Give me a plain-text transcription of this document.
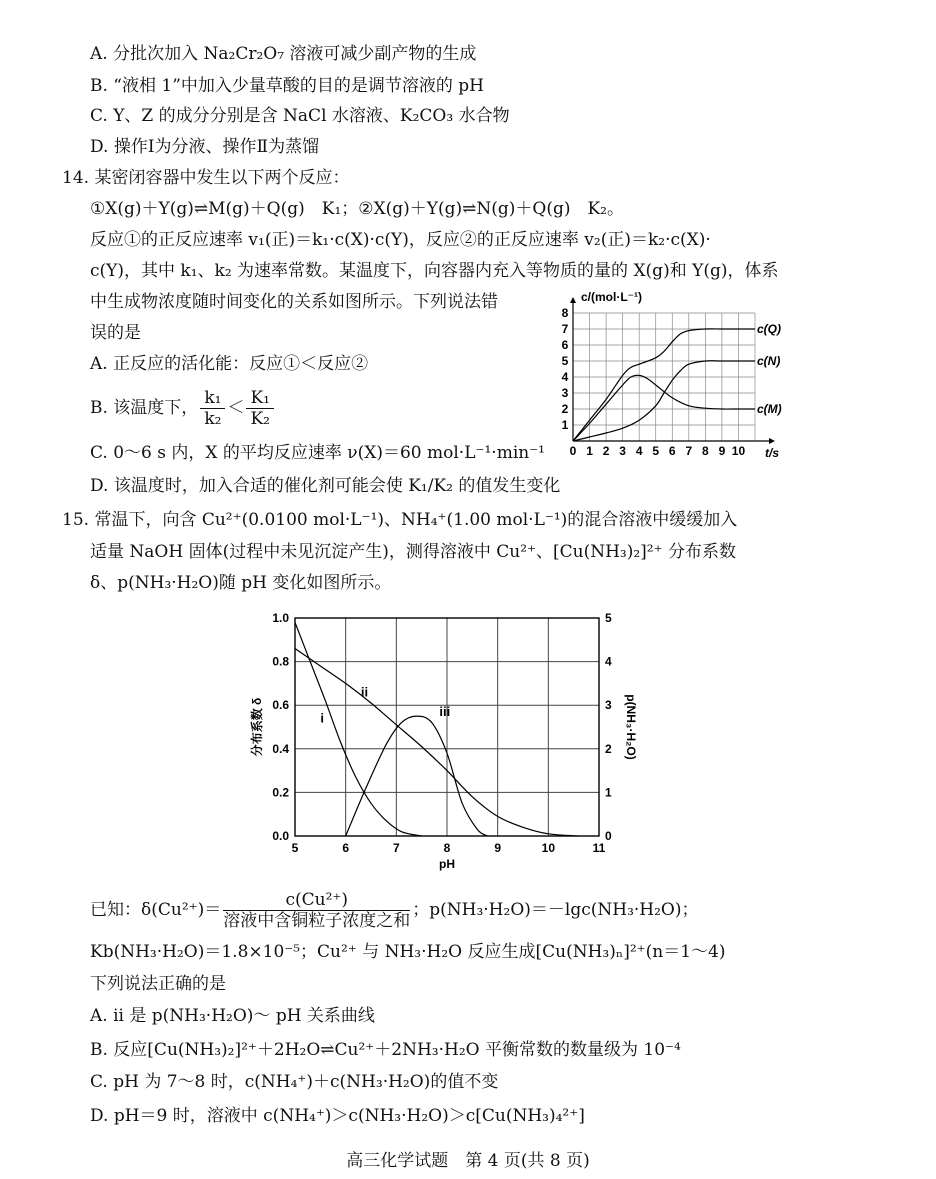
A. 分批次加入 Na₂Cr₂O₇ 溶液可减少副产物的生成
B. “液相 1”中加入少量草酸的目的是调节溶液的 pH
C. Y、Z 的成分分别是含 NaCl 水溶液、K₂CO₃ 水合物
D. 操作Ⅰ为分液、操作Ⅱ为蒸馏
14. 某密闭容器中发生以下两个反应：
①X(g)＋Y(g)⇌M(g)＋Q(g)　K₁；②X(g)＋Y(g)⇌N(g)＋Q(g)　K₂。
反应①的正反应速率 v₁(正)＝k₁·c(X)·c(Y)，反应②的正反应速率 v₂(正)＝k₂·c(X)·
c(Y)，其中 k₁、k₂ 为速率常数。某温度下，向容器内充入等物质的量的 X(g)和 Y(g)，体系
中生成物浓度随时间变化的关系如图所示。下列说法错
误的是
A. 正反应的活化能：反应①＜反应②
B. 该温度下， $\frac{\text{k₁}}{\text{k₂}} < \frac{\text{K₁}}{\text{K₂}}$
C. 0～6 s 内，X 的平均反应速率 ν(X)＝60 mol·L⁻¹·min⁻¹
D. 该温度时，加入合适的催化剂可能会使 K₁/K₂ 的值发生变化
0 1 2 3 4 5 6 7 8 9 10
1
2
3
4
5
6
7
8
t/s
c/(mol·L⁻¹)
c(Q)
c(N)
c(M)
15. 常温下，向含 Cu²⁺(0.0100 mol·L⁻¹)、NH₄⁺(1.00 mol·L⁻¹)的混合溶液中缓缓加入
适量 NaOH 固体(过程中未见沉淀产生)，测得溶液中 Cu²⁺、[Cu(NH₃)₂]²⁺ 分布系数
δ、p(NH₃·H₂O)随 pH 变化如图所示。
5	6	7	8	9	10	11
0.0
0.2
0.4
0.6
0.8
1.0
0
1
2
3
4
5
pH
分布系数 δ	p(NH₃·H₂O)
i
ii
iii
已知：$\delta(Cu^{2+})= \frac{\text{c(Cu²⁺)}}{\text{溶液中含铜粒子浓度之和}}$ ；p(NH₃·H₂O)＝－lgc(NH₃·H₂O)；
Kb(NH₃·H₂O)＝1.8×10⁻⁵；Cu²⁺ 与 NH₃·H₂O 反应生成[Cu(NH₃)ₙ]²⁺(n＝1～4)
下列说法正确的是
A. ii 是 p(NH₃·H₂O)～ pH 关系曲线
B. 反应[Cu(NH₃)₂]²⁺＋2H₂O⇌Cu²⁺＋2NH₃·H₂O 平衡常数的数量级为 10⁻⁴
C. pH 为 7～8 时，c(NH₄⁺)＋c(NH₃·H₂O)的值不变
D. pH＝9 时，溶液中 c(NH₄⁺)＞c(NH₃·H₂O)＞c[Cu(NH₃)₄²⁺]
高三化学试题　第 4 页(共 8 页)
